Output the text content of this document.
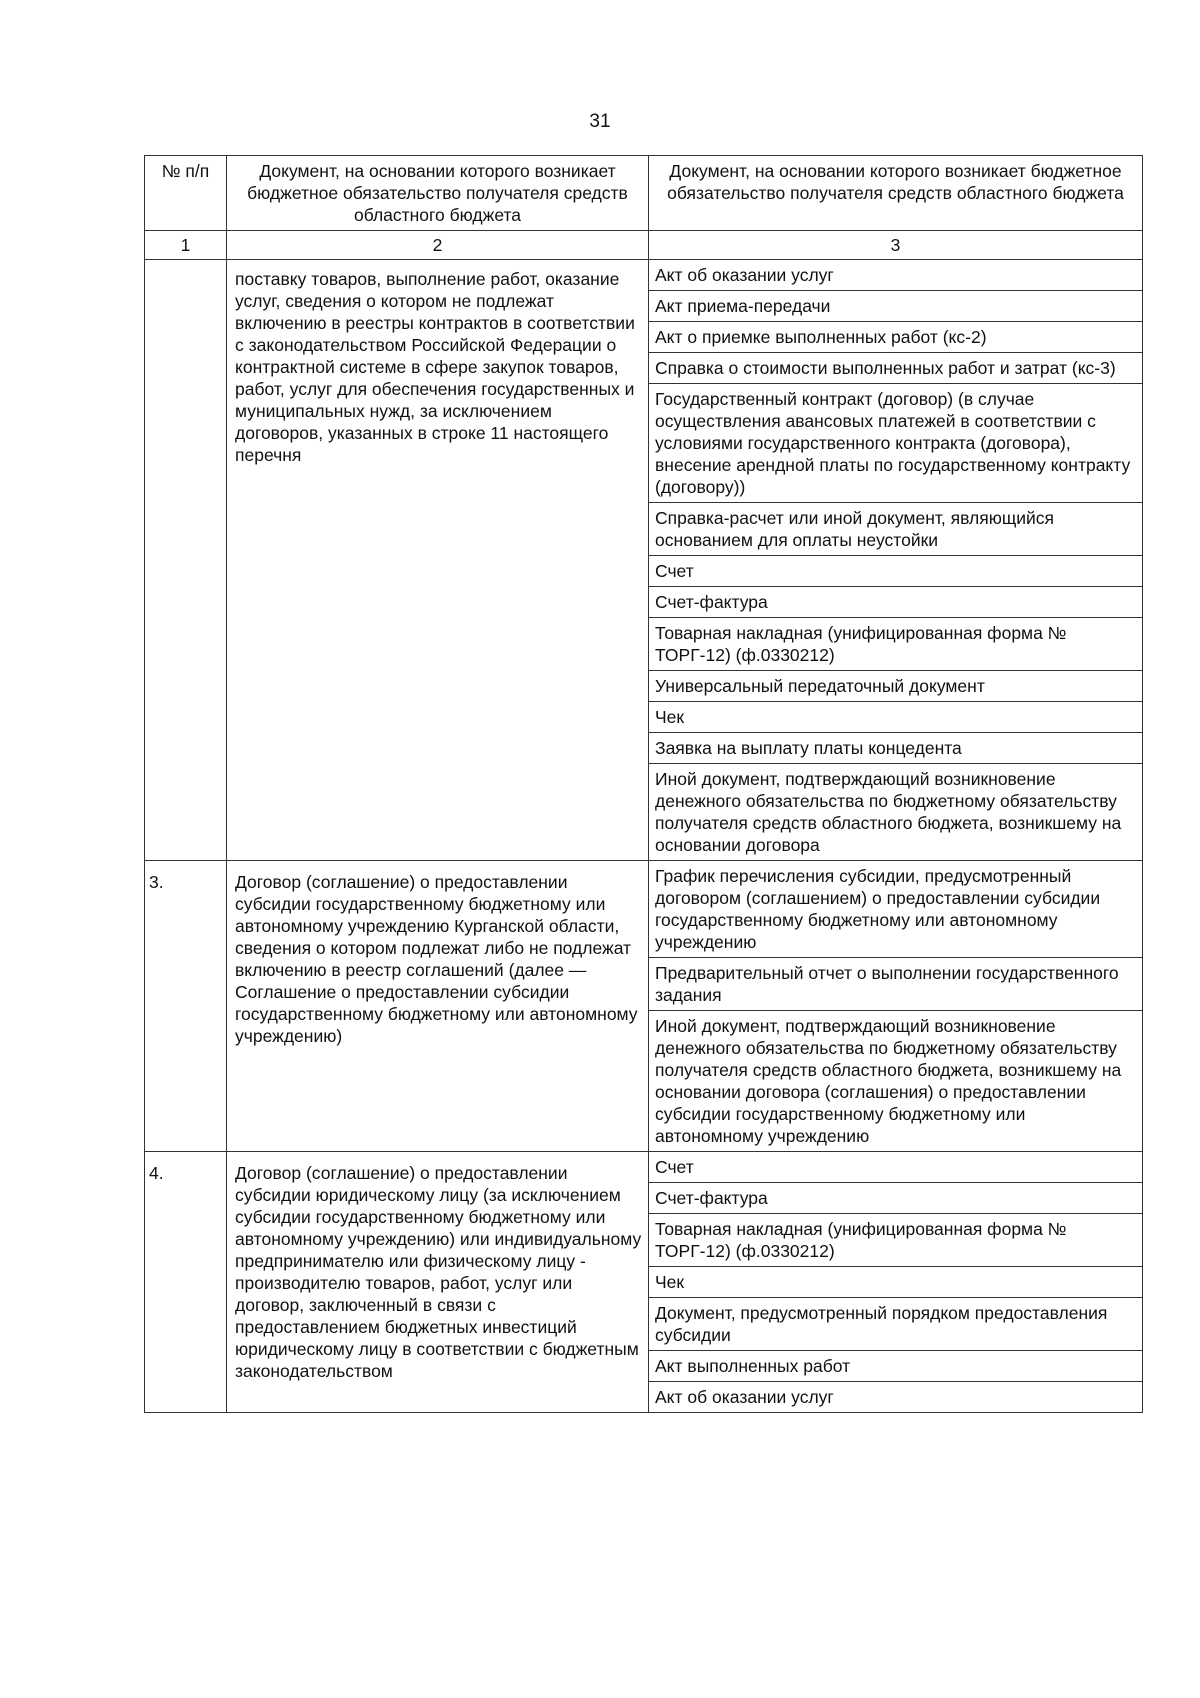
31
№ п/п	Документ, на основании которого возникает бюджетное обязательство получателя средств областного бюджета	Документ, на основании которого возникает бюджетное обязательство получателя средств областного бюджета
1	2	3
	поставку товаров, выполнение работ, оказание услуг, сведения о котором не подлежат включению в реестры контрактов в соответствии с законодательством Российской Федерации о контрактной системе в сфере закупок товаров, работ, услуг для обеспечения государственных и муниципальных нужд, за исключением договоров, указанных в строке 11 настоящего перечня	Акт об оказании услуг
		Акт приема-передачи
		Акт о приемке выполненных работ (кс-2)
		Справка о стоимости выполненных работ и затрат (кс-3)
		Государственный контракт (договор) (в случае осуществления авансовых платежей в соответствии с условиями государственного контракта (договора), внесение арендной платы по государственному контракту (договору))
		Справка-расчет или иной документ, являющийся основанием для оплаты неустойки
		Счет
		Счет-фактура
		Товарная накладная (унифицированная форма № ТОРГ-12) (ф.0330212)
		Универсальный передаточный документ
		Чек
		Заявка на выплату платы концедента
		Иной документ, подтверждающий возникновение денежного обязательства по бюджетному обязательству получателя средств областного бюджета, возникшему на основании договора
3.	Договор (соглашение) о предоставлении субсидии государственному бюджетному или автономному учреждению Курганской области, сведения о котором подлежат либо не подлежат включению в реестр соглашений (далее — Соглашение о предоставлении субсидии государственному бюджетному или автономному учреждению)	График перечисления субсидии, предусмотренный договором (соглашением) о предоставлении субсидии государственному бюджетному или автономному учреждению
		Предварительный отчет о выполнении государственного задания
		Иной документ, подтверждающий возникновение денежного обязательства по бюджетному обязательству получателя средств областного бюджета, возникшему на основании договора (соглашения) о предоставлении субсидии государственному бюджетному или автономному учреждению
4.	Договор (соглашение) о предоставлении субсидии юридическому лицу (за исключением субсидии государственному бюджетному или автономному учреждению) или индивидуальному предпринимателю или физическому лицу - производителю товаров, работ, услуг или договор, заключенный в связи с предоставлением бюджетных инвестиций юридическому лицу в соответствии с бюджетным законодательством	Счет
		Счет-фактура
		Товарная накладная (унифицированная форма № ТОРГ-12) (ф.0330212)
		Чек
		Документ, предусмотренный порядком предоставления субсидии
		Акт выполненных работ
		Акт об оказании услуг
